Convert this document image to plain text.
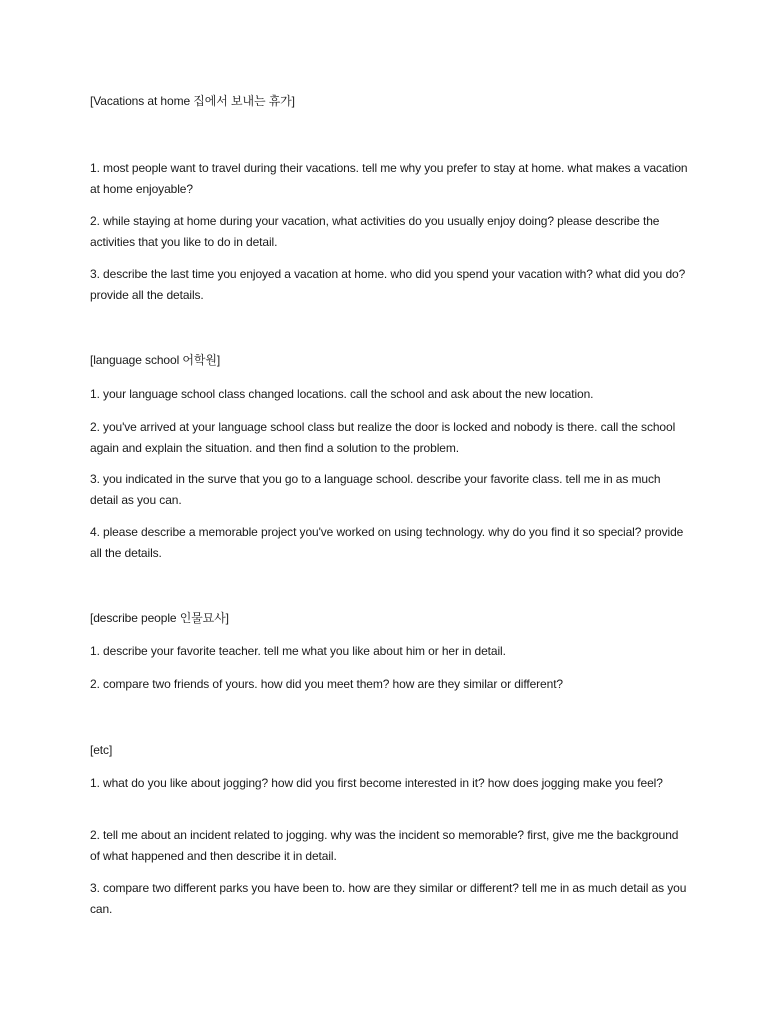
[Vacations at home 집에서 보내는 휴가]

1. most people want to travel during their vacations. tell me why you prefer to stay at home. what makes a vacation at home enjoyable?

2. while staying at home during your vacation, what activities do you usually enjoy doing? please describe the activities that you like to do in detail.

3. describe the last time you enjoyed a vacation at home. who did you spend your vacation with? what did you do? provide all the details.

[language school 어학원]

1. your language school class changed locations. call the school and ask about the new location.

2. you've arrived at your language school class but realize the door is locked and nobody is there. call the school again and explain the situation. and then find a solution to the problem.

3. you indicated in the surve that you go to a language school. describe your favorite class. tell me in as much detail as you can.

4. please describe a memorable project you've worked on using technology. why do you find it so special? provide all the details.

[describe people 인물묘사]

1. describe your favorite teacher. tell me what you like about him or her in detail.

2. compare two friends of yours. how did you meet them? how are they similar or different?

[etc]

1. what do you like about jogging? how did you first become interested in it? how does jogging make you feel?

2. tell me about an incident related to jogging. why was the incident so memorable? first, give me the background of what happened and then describe it in detail.

3. compare two different parks you have been to. how are they similar or different? tell me in as much detail as you can.
